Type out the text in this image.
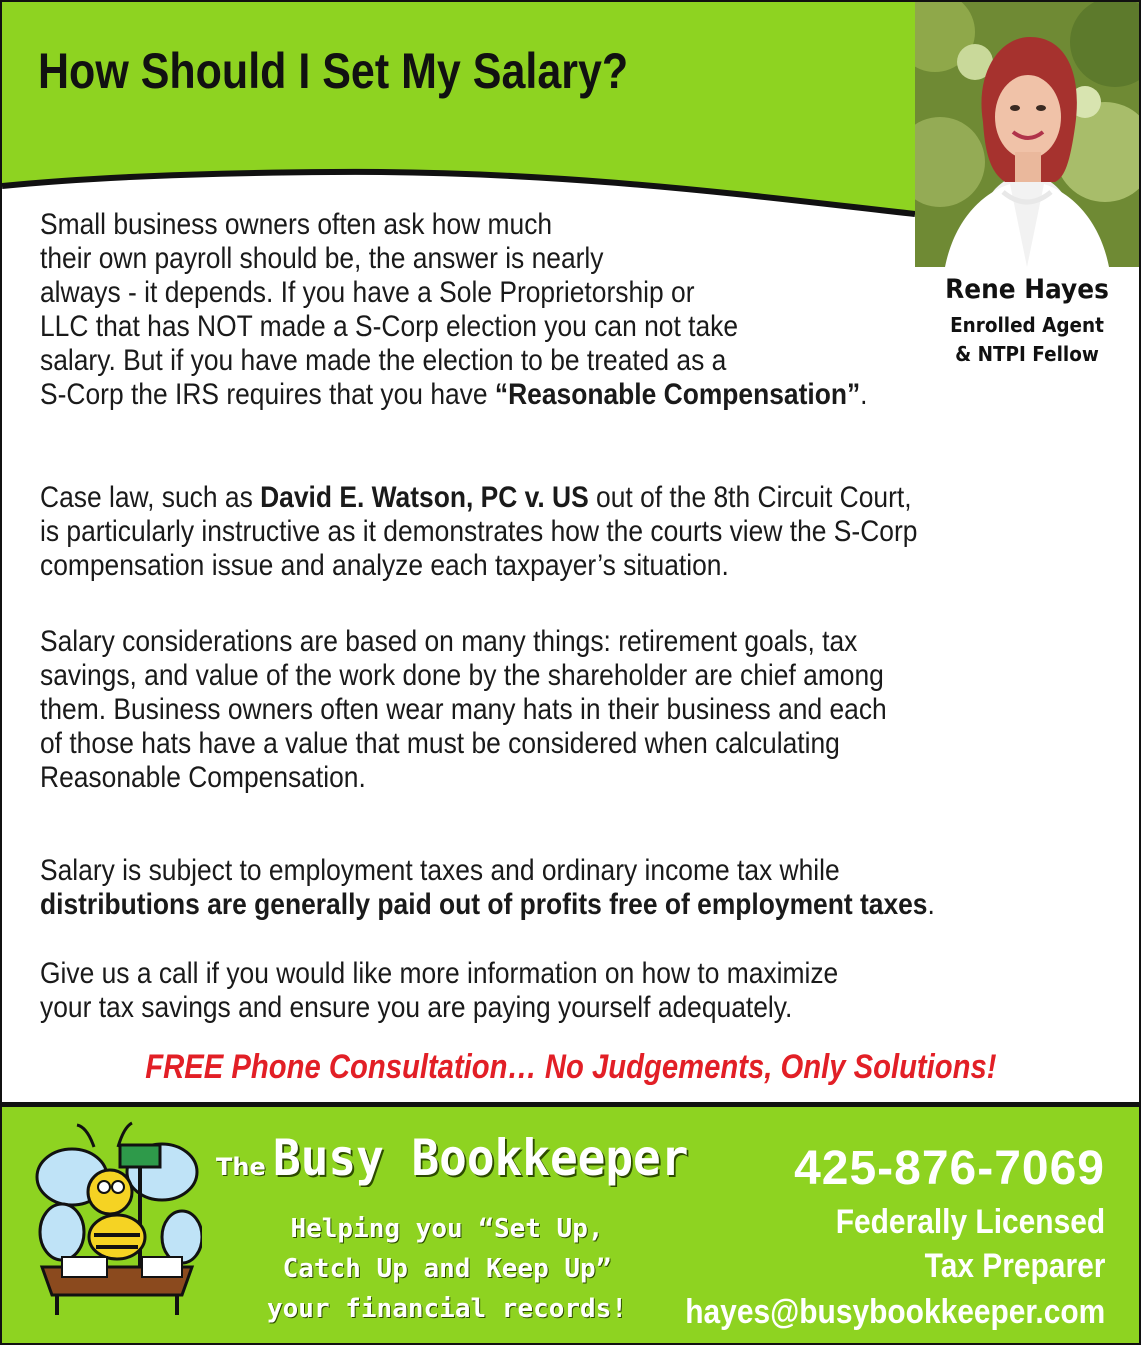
How Should I Set My Salary?
Rene Hayes
Enrolled Agent
& NTPI Fellow
Small business owners often ask how much
their own payroll should be, the answer is nearly
always - it depends. If you have a Sole Proprietorship or
LLC that has NOT made a S-Corp election you can not take
salary. But if you have made the election to be treated as a
S-Corp the IRS requires that you have “Reasonable Compensation”.
Case law, such as David E. Watson, PC v. US out of the 8th Circuit Court,
is particularly instructive as it demonstrates how the courts view the S-Corp
compensation issue and analyze each taxpayer’s situation.
Salary considerations are based on many things: retirement goals, tax
savings, and value of the work done by the shareholder are chief among
them. Business owners often wear many hats in their business and each
of those hats have a value that must be considered when calculating
Reasonable Compensation.
Salary is subject to employment taxes and ordinary income tax while
distributions are generally paid out of profits free of employment taxes.
Give us a call if you would like more information on how to maximize
your tax savings and ensure you are paying yourself adequately.

FREE Phone Consultation… No Judgements, Only Solutions!

The Busy Bookkeeper
Helping you “Set Up,
Catch Up and Keep Up”
your financial records!
425-876-7069
Federally Licensed
Tax Preparer
hayes@busybookkeeper.com
